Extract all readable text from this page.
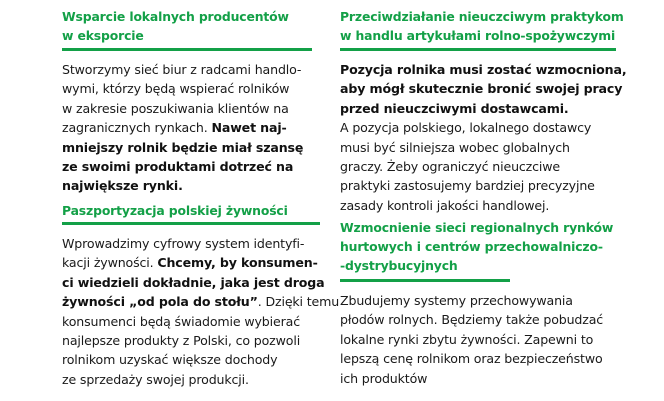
Wsparcie lokalnych producentów
w eksporcie
Stworzymy sieć biur z radcami handlo-
wymi, którzy będą wspierać rolników
w zakresie poszukiwania klientów na
zagranicznych rynkach. Nawet naj-
mniejszy rolnik będzie miał szansę
ze swoimi produktami dotrzeć na
największe rynki.
Paszportyzacja polskiej żywności
Wprowadzimy cyfrowy system identyfi-
kacji żywności. Chcemy, by konsumen-
ci wiedzieli dokładnie, jaka jest droga
żywności „od pola do stołu”. Dzięki temu
konsumenci będą świadomie wybierać
najlepsze produkty z Polski, co pozwoli
rolnikom uzyskać większe dochody
ze sprzedaży swojej produkcji.
Przeciwdziałanie nieuczciwym praktykom
w handlu artykułami rolno-spożywczymi
Pozycja rolnika musi zostać wzmocniona,
aby mógł skutecznie bronić swojej pracy
przed nieuczciwymi dostawcami.
A pozycja polskiego, lokalnego dostawcy
musi być silniejsza wobec globalnych
graczy. Żeby ograniczyć nieuczciwe
praktyki zastosujemy bardziej precyzyjne
zasady kontroli jakości handlowej.
Wzmocnienie sieci regionalnych rynków
hurtowych i centrów przechowalniczo-
-dystrybucyjnych
Zbudujemy systemy przechowywania
płodów rolnych. Będziemy także pobudzać
lokalne rynki zbytu żywności. Zapewni to
lepszą cenę rolnikom oraz bezpieczeństwo
ich produktów
